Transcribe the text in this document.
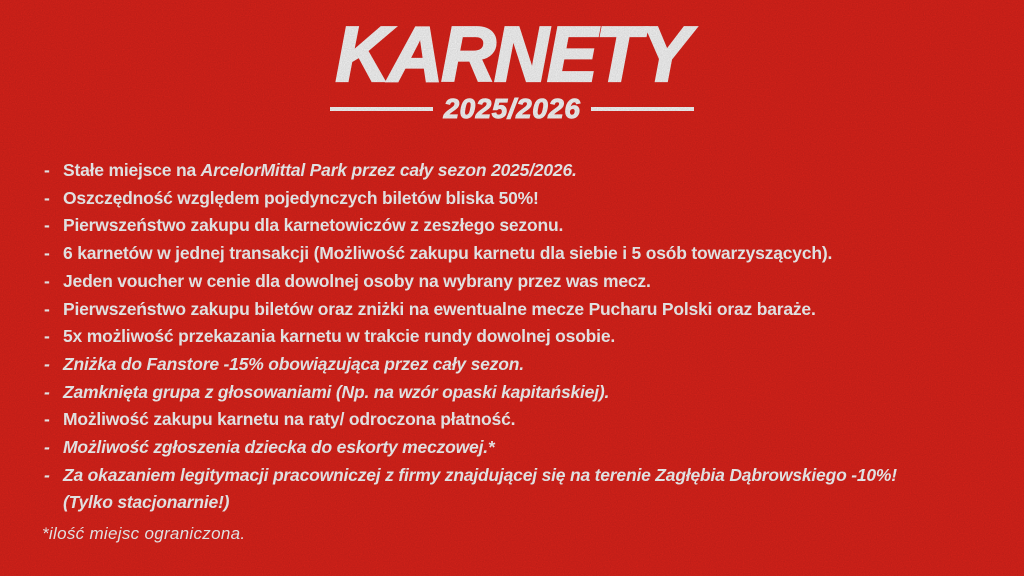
KARNETY
2025/2026
- Stałe miejsce na ArcelorMittal Park przez cały sezon 2025/2026.
- Oszczędność względem pojedynczych biletów bliska 50%!
- Pierwszeństwo zakupu dla karnetowiczów z zeszłego sezonu.
- 6 karnetów w jednej transakcji (Możliwość zakupu karnetu dla siebie i 5 osób towarzyszących).
- Jeden voucher w cenie dla dowolnej osoby na wybrany przez was mecz.
- Pierwszeństwo zakupu biletów oraz zniżki na ewentualne mecze Pucharu Polski oraz baraże.
- 5x możliwość przekazania karnetu w trakcie rundy dowolnej osobie.
- Zniżka do Fanstore -15% obowiązująca przez cały sezon.
- Zamknięta grupa z głosowaniami (Np. na wzór opaski kapitańskiej).
- Możliwość zakupu karnetu na raty/ odroczona płatność.
- Możliwość zgłoszenia dziecka do eskorty meczowej.*
- Za okazaniem legitymacji pracowniczej z firmy znajdującej się na terenie Zagłębia Dąbrowskiego -10%!
(Tylko stacjonarnie!)
*ilość miejsc ograniczona.
